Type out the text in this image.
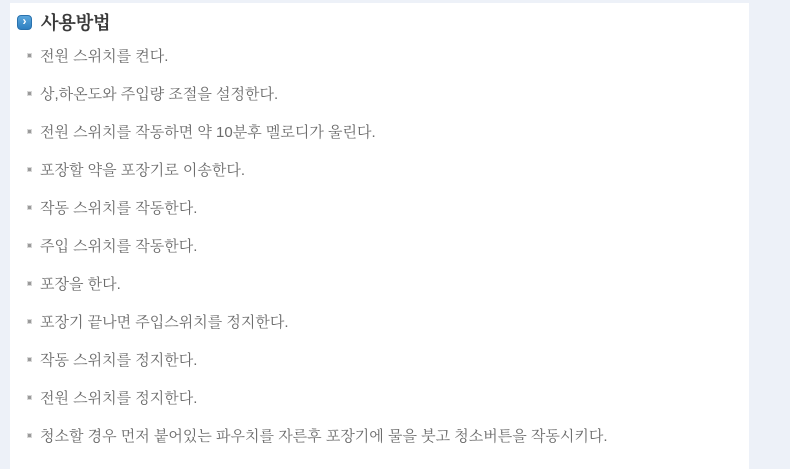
› 사용방법
전원 스위치를 켠다.
상,하온도와 주입량 조절을 설정한다.
전원 스위치를 작동하면 약 10분후 멜로디가 울린다.
포장할 약을 포장기로 이송한다.
작동 스위치를 작동한다.
주입 스위치를 작동한다.
포장을 한다.
포장기 끝나면 주입스위치를 정지한다.
작동 스위치를 정지한다.
전원 스위치를 정지한다.
청소할 경우 먼저 붙어있는 파우치를 자른후 포장기에 물을 붓고 청소버튼을 작동시키다.
